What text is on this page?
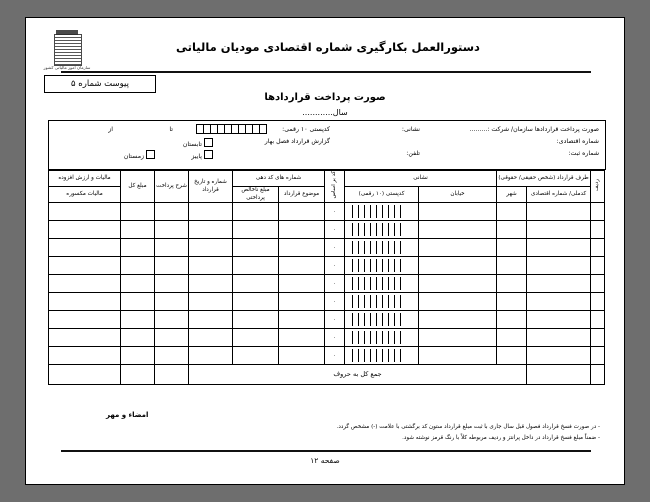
دستورالعمل بکارگیری شماره اقتصادی مودیان مالیاتی
سازمان امور مالیاتی کشور
پیوست شماره ۵
صورت پرداخت قراردادها
سال............
صورت پرداخت قراردادها سازمان/ شرکت :.........
شماره اقتصادی:
شماره ثبت:
نشانی:
تلفن:
کدپستی ۱۰ رقمی:
تا
از
گزارش قرارداد فصل بهار
تابستان
پاییز
زمستان
ردیف	طرف قرارداد (شخص حقیقی/ حقوقی)		نشانی		کد بر اساس	شماره های کد دهی		شماره و تاریخ قرارداد	شرح پرداخت	مبلغ کل	مالیات و ارزش افزوده
	کدملی/ شماره اقتصادی	شهر	خیابان	کدپستی (۱۰ رقمی)		موضوع قرارداد	مبلغ ناخالص پرداختی				مالیات مکسوره

	.						

	.						

	.						

	.						

	.						

	.						

	.						

	.						

	.						
		جمع کل به حروف									
امضاء و مهر
- در صورت فسخ قرارداد فصول قبل سال جاری با ثبت مبلغ قرارداد ستون کد برگشتی با علامت (-) مشخص گردد.
- ضمناً مبلغ فسخ قرارداد در داخل پرانتز و ردیف مربوطه کلاً با رنگ قرمز نوشته شود.
صفحه ۱۲
